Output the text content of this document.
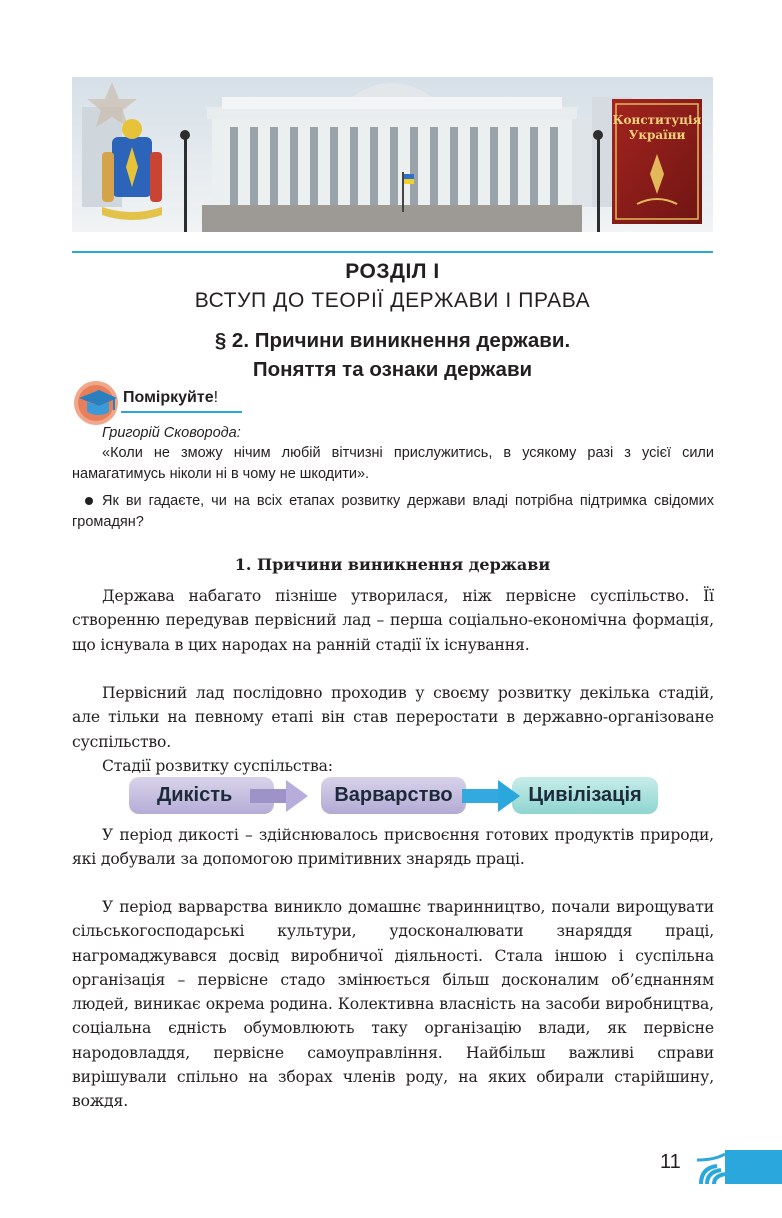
Конституція
України
РОЗДІЛ І
ВСТУП ДО ТЕОРІЇ ДЕРЖАВИ І ПРАВА
§ 2. Причини виникнення держави.
Поняття та ознаки держави
Поміркуйте!
Григорій Сковорода:
«Коли не зможу нічим любій вітчизні прислужитись, в усякому разі з усієї сили намагатимусь ніколи ні в чому не шкодити».
Як ви гадаєте, чи на всіх етапах розвитку держави владі потрібна підтримка свідомих громадян?
1. Причини виникнення держави
Держава набагато пізніше утворилася, ніж первісне суспільство. Її створенню передував первісний лад – перша соціально-економічна формація, що існувала в цих народах на ранній стадії їх існування.
Первісний лад послідовно проходив у своєму розвитку декілька стадій, але тільки на певному етапі він став переростати в державно-організоване суспільство.
Стадії розвитку суспільства:
Дикість	Варварство	Цивілізація
У період дикості – здійснювалось присвоєння готових продуктів природи, які добували за допомогою примітивних знарядь праці.
У період варварства виникло домашнє тваринництво, почали вирощувати сільськогосподарські культури, удосконалювати знаряддя праці, нагромаджувався досвід виробничої діяльності. Стала іншою і суспільна організація – первісне стадо змінюється більш досконалим об’єднанням людей, виникає окрема родина. Колективна власність на засоби виробництва, соціальна єдність обумовлюють таку організацію влади, як первісне народовладдя, первісне самоуправління. Найбільш важливі справи вирішували спільно на зборах членів роду, на яких обирали старійшину, вождя.
11
